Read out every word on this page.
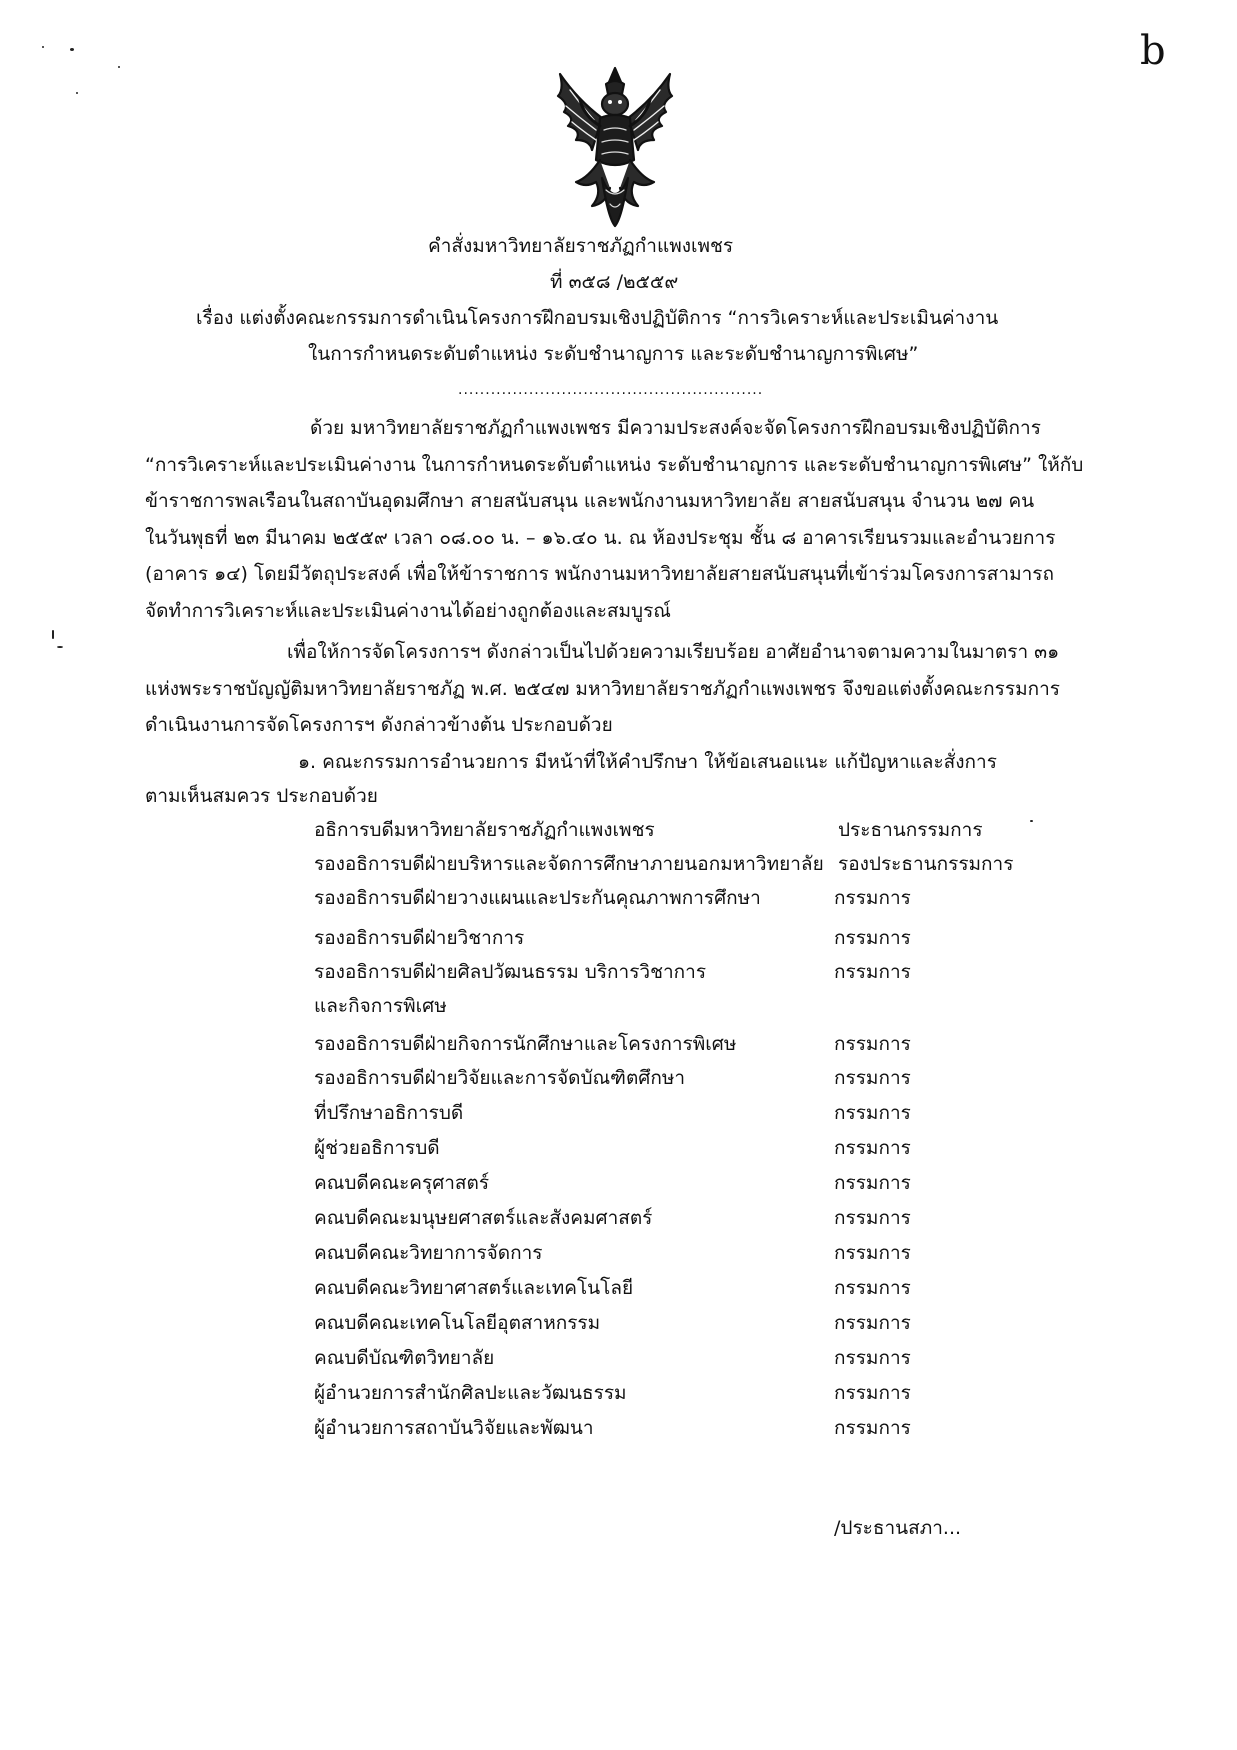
b
คำสั่งมหาวิทยาลัยราชภัฏกำแพงเพชร
ที่ ๓๕๘ /๒๕๕๙
เรื่อง แต่งตั้งคณะกรรมการดำเนินโครงการฝึกอบรมเชิงปฏิบัติการ “การวิเคราะห์และประเมินค่างาน
ในการกำหนดระดับตำแหน่ง ระดับชำนาญการ และระดับชำนาญการพิเศษ”
........................................................
ด้วย มหาวิทยาลัยราชภัฏกำแพงเพชร มีความประสงค์จะจัดโครงการฝึกอบรมเชิงปฏิบัติการ
“การวิเคราะห์และประเมินค่างาน ในการกำหนดระดับตำแหน่ง ระดับชำนาญการ และระดับชำนาญการพิเศษ” ให้กับ
ข้าราชการพลเรือนในสถาบันอุดมศึกษา สายสนับสนุน และพนักงานมหาวิทยาลัย สายสนับสนุน จำนวน ๒๗ คน
ในวันพุธที่ ๒๓ มีนาคม ๒๕๕๙ เวลา ๐๘.๐๐ น. – ๑๖.๔๐ น. ณ ห้องประชุม ชั้น ๘ อาคารเรียนรวมและอำนวยการ
(อาคาร ๑๔) โดยมีวัตถุประสงค์ เพื่อให้ข้าราชการ พนักงานมหาวิทยาลัยสายสนับสนุนที่เข้าร่วมโครงการสามารถ
จัดทำการวิเคราะห์และประเมินค่างานได้อย่างถูกต้องและสมบูรณ์
เพื่อให้การจัดโครงการฯ ดังกล่าวเป็นไปด้วยความเรียบร้อย อาศัยอำนาจตามความในมาตรา ๓๑
แห่งพระราชบัญญัติมหาวิทยาลัยราชภัฏ พ.ศ. ๒๕๔๗ มหาวิทยาลัยราชภัฏกำแพงเพชร จึงขอแต่งตั้งคณะกรรมการ
ดำเนินงานการจัดโครงการฯ ดังกล่าวข้างต้น ประกอบด้วย
๑. คณะกรรมการอำนวยการ มีหน้าที่ให้คำปรึกษา ให้ข้อเสนอแนะ แก้ปัญหาและสั่งการ
ตามเห็นสมควร ประกอบด้วย
อธิการบดีมหาวิทยาลัยราชภัฏกำแพงเพชร	ประธานกรรมการ
รองอธิการบดีฝ่ายบริหารและจัดการศึกษาภายนอกมหาวิทยาลัย รองประธานกรรมการ
รองอธิการบดีฝ่ายวางแผนและประกันคุณภาพการศึกษา	กรรมการ
รองอธิการบดีฝ่ายวิชาการ	กรรมการ
รองอธิการบดีฝ่ายศิลปวัฒนธรรม บริการวิชาการ	กรรมการ
และกิจการพิเศษ
รองอธิการบดีฝ่ายกิจการนักศึกษาและโครงการพิเศษ	กรรมการ
รองอธิการบดีฝ่ายวิจัยและการจัดบัณฑิตศึกษา	กรรมการ
ที่ปรึกษาอธิการบดี	กรรมการ
ผู้ช่วยอธิการบดี	กรรมการ
คณบดีคณะครุศาสตร์	กรรมการ
คณบดีคณะมนุษยศาสตร์และสังคมศาสตร์	กรรมการ
คณบดีคณะวิทยาการจัดการ	กรรมการ
คณบดีคณะวิทยาศาสตร์และเทคโนโลยี	กรรมการ
คณบดีคณะเทคโนโลยีอุตสาหกรรม	กรรมการ
คณบดีบัณฑิตวิทยาลัย	กรรมการ
ผู้อำนวยการสำนักศิลปะและวัฒนธรรม	กรรมการ
ผู้อำนวยการสถาบันวิจัยและพัฒนา	กรรมการ
/ประธานสภา...
